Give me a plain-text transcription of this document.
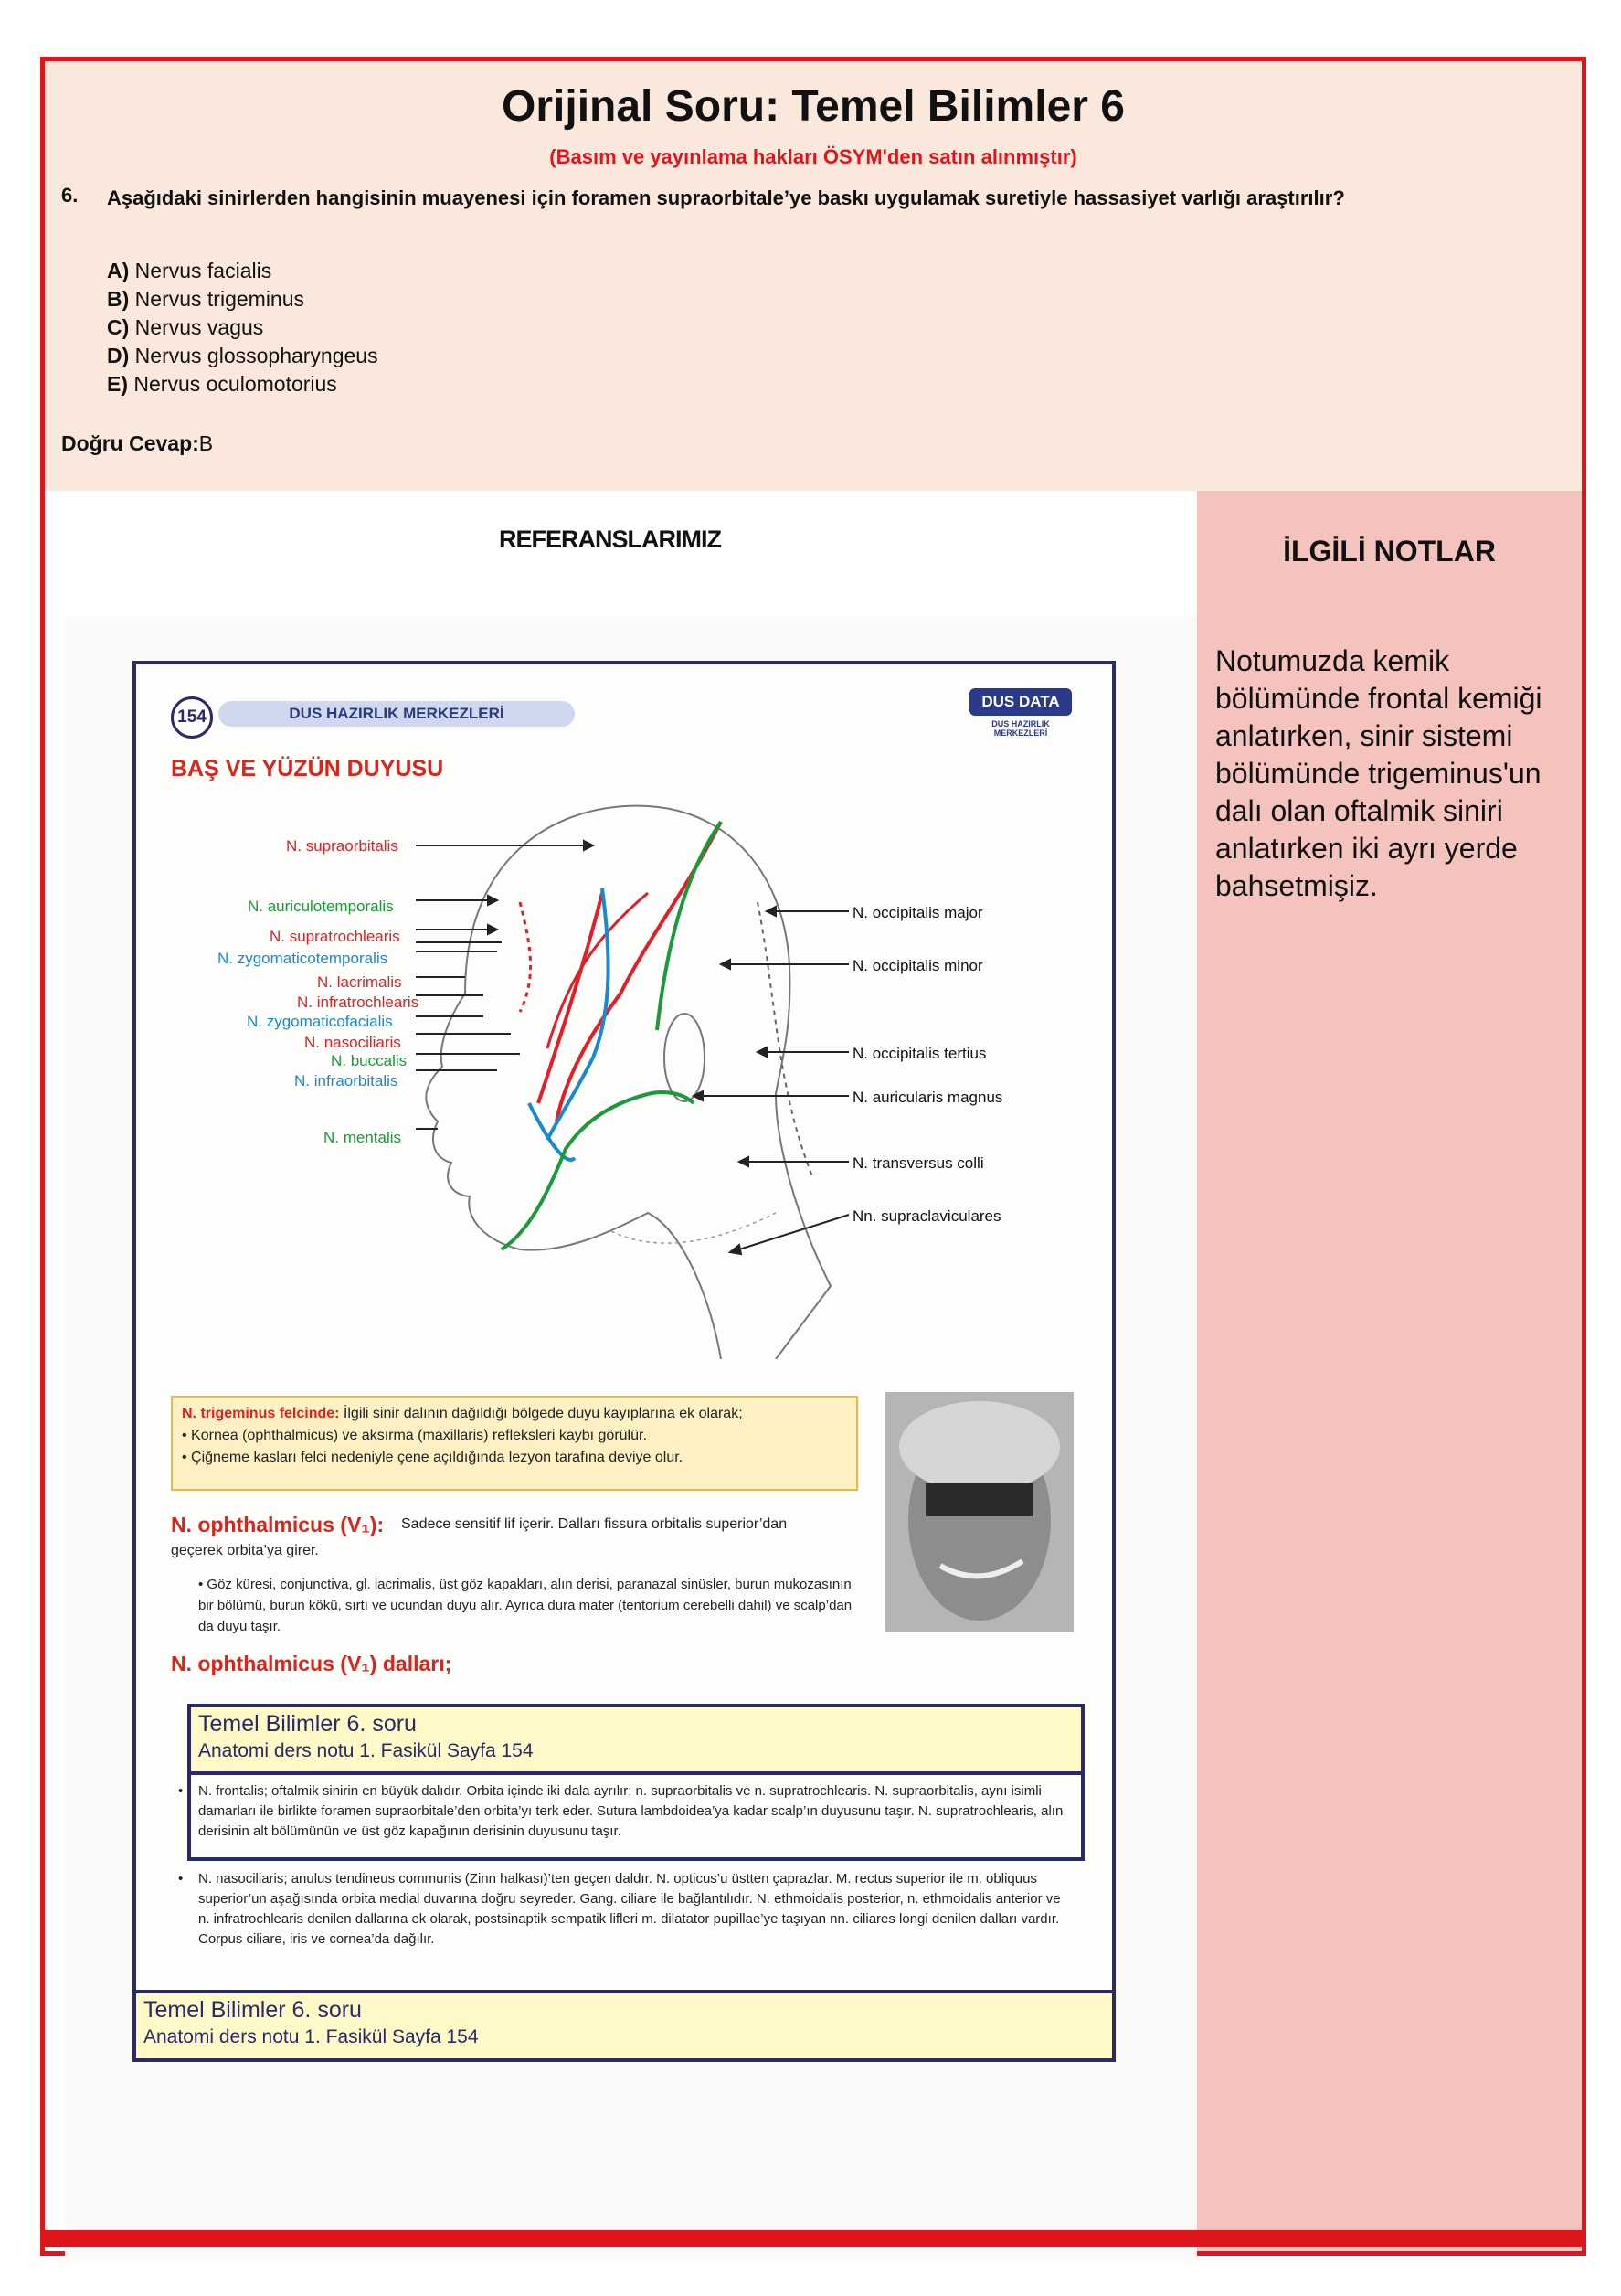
Orijinal Soru: Temel Bilimler 6
(Basım ve yayınlama hakları ÖSYM'den satın alınmıştır)
6. Aşağıdaki sinirlerden hangisinin muayenesi için foramen supraorbitale’ye baskı uygulamak suretiyle hassasiyet varlığı araştırılır?
A) Nervus facialis
B) Nervus trigeminus
C) Nervus vagus
D) Nervus glossopharyngeus
E) Nervus oculomotorius
Doğru Cevap:B
REFERANSLARIMIZ	İLGİLİ NOTLAR
Notumuzda kemik bölümünde frontal kemiği anlatırken, sinir sistemi bölümünde trigeminus'un dalı olan oftalmik siniri anlatırken iki ayrı yerde bahsetmişiz.
154	DUS HAZIRLIK MERKEZLERİ
DUS DATA
DUS HAZIRLIK MERKEZLERİ
BAŞ VE YÜZÜN DUYUSU
N. supraorbitalis
N. auriculotemporalis
N. supratrochlearis
N. zygomaticotemporalis
N. lacrimalis
N. infratrochlearis
N. zygomaticofacialis
N. nasociliaris
N. buccalis
N. infraorbitalis
N. mentalis
N. occipitalis major
N. occipitalis minor
N. occipitalis tertius
N. auricularis magnus
N. transversus colli
Nn. supraclaviculares
N. trigeminus felcinde: İlgili sinir dalının dağıldığı bölgede duyu kayıplarına ek olarak;
• Kornea (ophthalmicus) ve aksırma (maxillaris) refleksleri kaybı görülür.
• Çiğneme kasları felci nedeniyle çene açıldığında lezyon tarafına deviye olur.
N. ophthalmicus (V₁): Sadece sensitif lif içerir. Dalları fissura orbitalis superior’dan
geçerek orbita’ya girer.
• Göz küresi, conjunctiva, gl. lacrimalis, üst göz kapakları, alın derisi, paranazal sinüsler, burun mukozasının bir bölümü, burun kökü, sırtı ve ucundan duyu alır. Ayrıca dura mater (tentorium cerebelli dahil) ve scalp’dan da duyu taşır.
N. ophthalmicus (V₁) dalları;
• N. frontalis; oftalmik sinirin en büyük dalıdır. Orbita içinde iki dala ayrılır; n. supraorbitalis ve n. supratrochlearis. N. supraorbitalis, aynı isimli damarları ile birlikte foramen supraorbitale’den orbita’yı terk eder. Sutura lambdoidea’ya kadar scalp’ın duyusunu taşır. N. supratrochlearis, alın derisinin alt bölümünün ve üst göz kapağının derisinin duyusunu taşır.
• N. nasociliaris; anulus tendineus communis (Zinn halkası)’ten geçen daldır. N. opticus’u üstten çaprazlar. M. rectus superior ile m. obliquus superior’un aşağısında orbita medial duvarına doğru seyreder. Gang. ciliare ile bağlantılıdır. N. ethmoidalis posterior, n. ethmoidalis anterior ve n. infratrochlearis denilen dallarına ek olarak, postsinaptik sempatik lifleri m. dilatator pupillae’ye taşıyan nn. ciliares longi denilen dalları vardır. Corpus ciliare, iris ve cornea’da dağılır.
Temel Bilimler 6. soru
Anatomi ders notu 1. Fasikül Sayfa 154
Temel Bilimler 6. soru
Anatomi ders notu 1. Fasikül Sayfa 154
